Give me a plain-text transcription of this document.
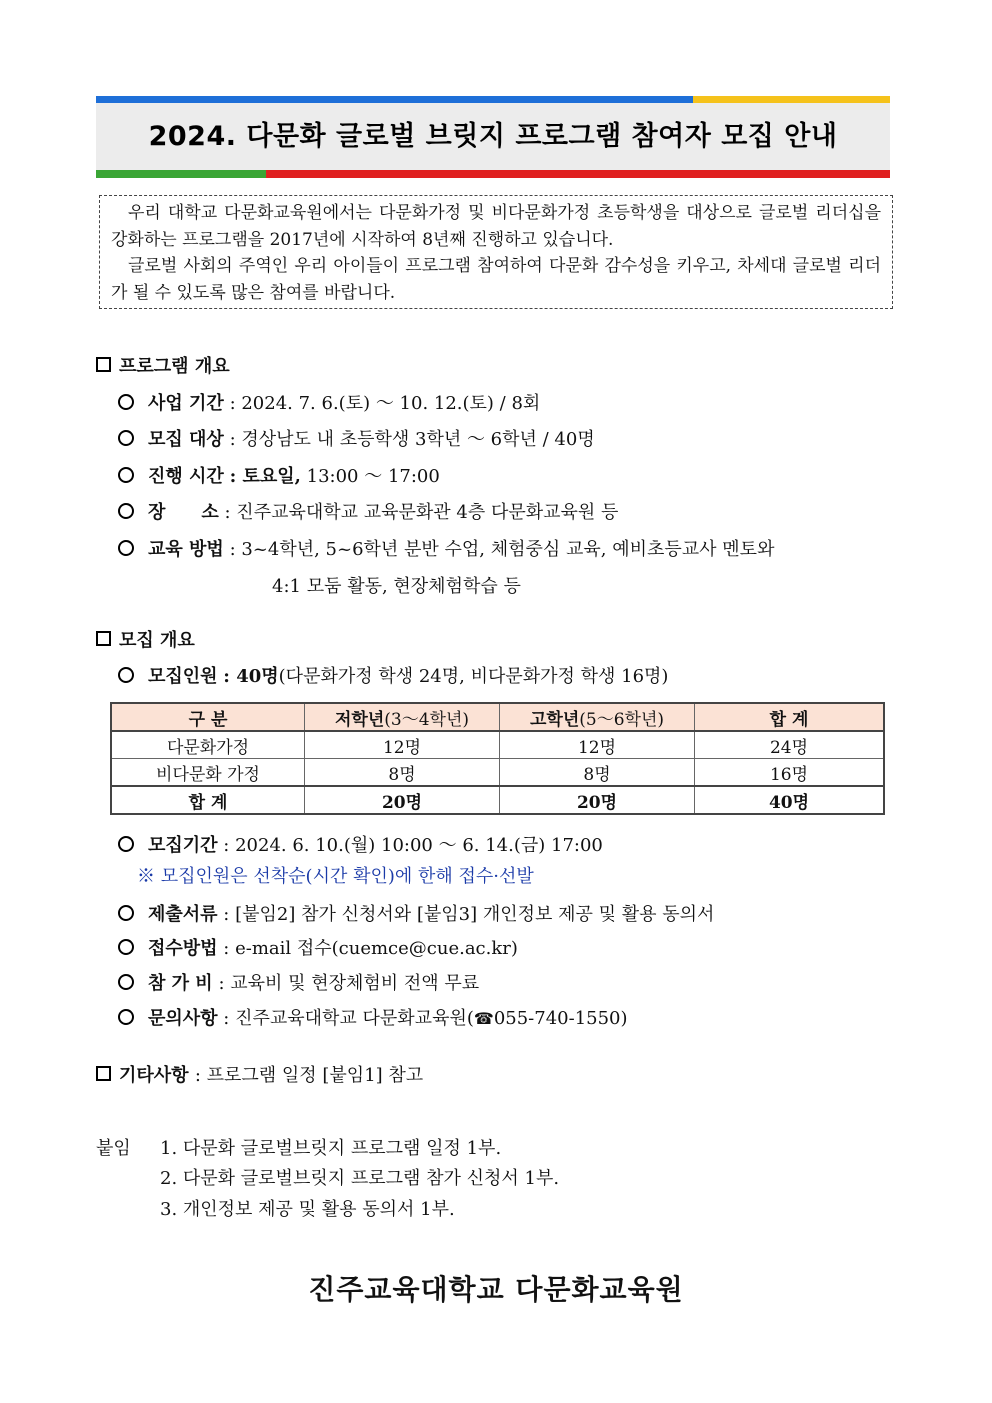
2024. 다문화 글로벌 브릿지 프로그램 참여자 모집 안내

우리 대학교 다문화교육원에서는 다문화가정 및 비다문화가정 초등학생을 대상으로 글로벌 리더십을 강화하는 프로그램을 2017년에 시작하여 8년째 진행하고 있습니다.

글로벌 사회의 주역인 우리 아이들이 프로그램 참여하여 다문화 감수성을 키우고, 차세대 글로벌 리더가 될 수 있도록 많은 참여를 바랍니다.

프로그램 개요
사업 기간 : 2024. 7. 6.(토) ～ 10. 12.(토) / 8회
모집 대상 : 경상남도 내 초등학생 3학년 ～ 6학년 / 40명
진행 시간 : 토요일, 13:00 ～ 17:00
장　　소 : 진주교육대학교 교육문화관 4층 다문화교육원 등
교육 방법 : 3~4학년, 5~6학년 분반 수업, 체험중심 교육, 예비초등교사 멘토와
4:1 모둠 활동, 현장체험학습 등
모집 개요
모집인원 : 40명(다문화가정 학생 24명, 비다문화가정 학생 16명)
구 분	저학년(3～4학년)	고학년(5～6학년)	합 계
다문화가정	12명	12명	24명
비다문화 가정	8명	8명	16명
합 계	20명	20명	40명
모집기간 : 2024. 6. 10.(월) 10:00 ～ 6. 14.(금) 17:00
※ 모집인원은 선착순(시간 확인)에 한해 접수·선발
제출서류 : [붙임2] 참가 신청서와 [붙임3] 개인정보 제공 및 활용 동의서
접수방법 : e-mail 접수(cuemce@cue.ac.kr)
참 가 비 : 교육비 및 현장체험비 전액 무료
문의사항 : 진주교육대학교 다문화교육원(☎055-740-1550)
기타사항 : 프로그램 일정 [붙임1] 참고
붙임 1. 다문화 글로벌브릿지 프로그램 일정 1부.
2. 다문화 글로벌브릿지 프로그램 참가 신청서 1부.
3. 개인정보 제공 및 활용 동의서 1부.
진주교육대학교 다문화교육원
